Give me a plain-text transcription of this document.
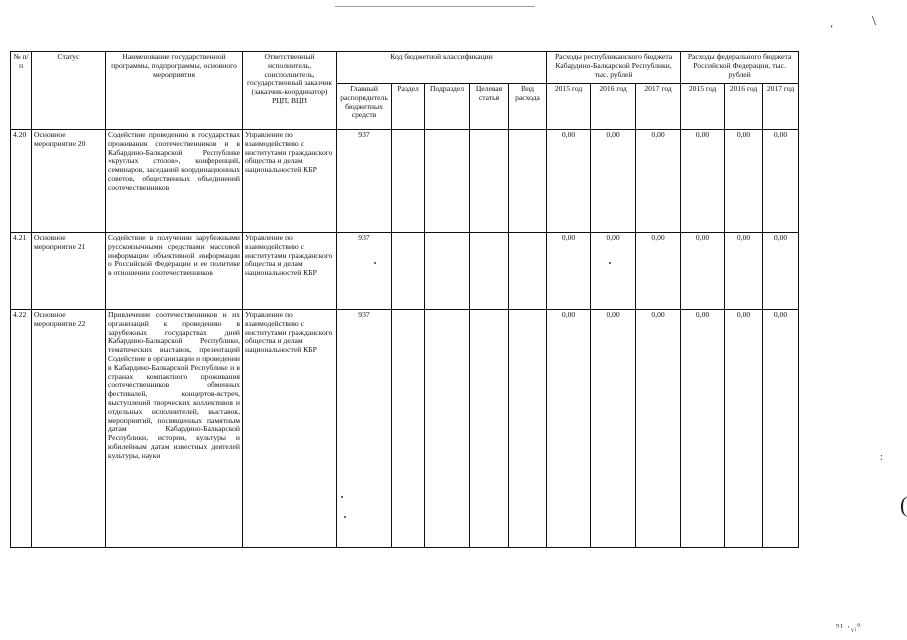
‘
\
(
:
⁹¹ ·ᵧᵢ°
№ п/п	Статус	Наименование государственной программы, подпрограммы, основного мероприятия	Ответственный исполнитель, соисполнитель, государственный заказчик (заказчик-координатор) РЦП, ВЦП	Код бюджетной классификации					Расходы республиканского бюджета Кабардино-Балкарской Республики, тыс. рублей			Расходы федерального бюджета Российской Федерации, тыс. рублей		
				Главный распорядитель бюджетных средств	Раздел	Подраздел	Целевая статья	Вид расхода	2015 год	2016 год	2017 год	2015 год	2016 год	2017 год
4.20	Основное мероприятие 20	Содействие проведению в государствах проживания соотечественников и в Кабардино-Балкарской Республике «круглых столов», конференций, семинаров, заседаний координационных советов, общественных объединений соотечественников	Управление по взаимодействию с институтами гражданского общества и делам национальностей КБР	937					0,00	0,00	0,00	0,00	0,00	0,00
4.21	Основное мероприятие 21	Содействие в получении зарубежными русскоязычными средствами массовой информации объективной информации о Российской Федерации и ее политике в отношении соотечественников	Управление по взаимодействию с институтами гражданского общества и делам национальностей КБР	937					0,00	0,00	0,00	0,00	0,00	0,00
4.22	Основное мероприятие 22	Привлечение соотечественников и их организаций к проведению в зарубежных государствах дней Кабардино-Балкарской Республики, тематических выставок, презентаций Содействие в организации и проведении в Кабардино-Балкарской Республике и в странах компактного проживания соотечественников обменных фестивалей, концертов-встреч, выступлений творческих коллективов и отдельных исполнителей, выставок, мероприятий, посвященных памятным датам Кабардино-Балкарской Республики, истории, культуры и юбилейным датам известных деятелей культуры, науки	Управление по взаимодействию с институтами гражданского общества и делам национальностей КБР	937					0,00	0,00	0,00	0,00	0,00	0,00
